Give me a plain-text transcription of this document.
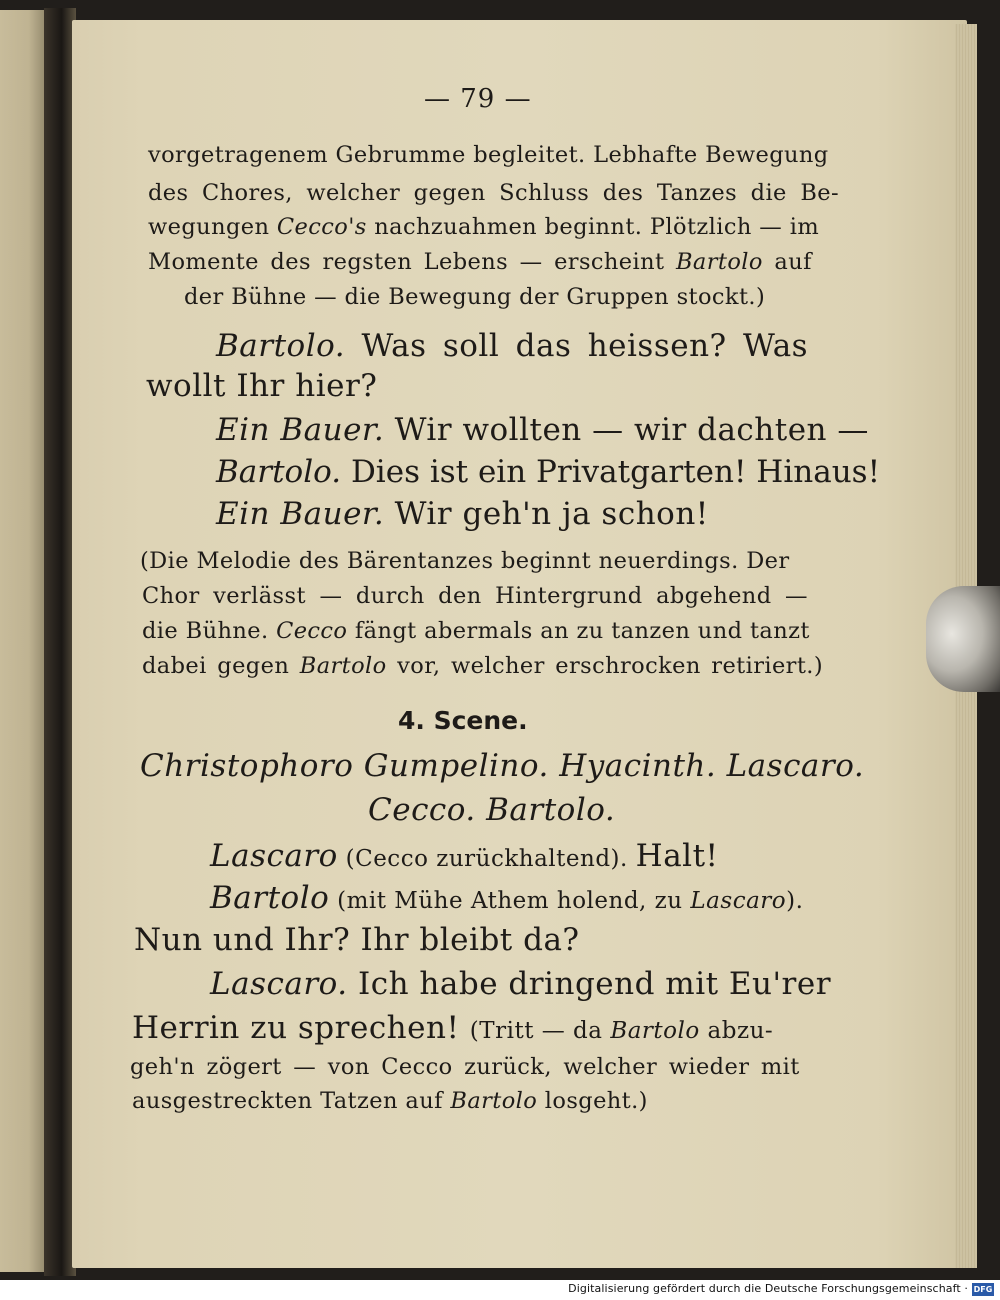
— 79 —
vorgetragenem Gebrumme begleitet. Lebhafte Bewegung
des Chores, welcher gegen Schluss des Tanzes die Be-
wegungen Cecco's nachzuahmen beginnt. Plötzlich — im
Momente des regsten Lebens — erscheint Bartolo auf
der Bühne — die Bewegung der Gruppen stockt.)
Bartolo. Was soll das heissen? Was
wollt Ihr hier?
Ein Bauer. Wir wollten — wir dachten —
Bartolo. Dies ist ein Privatgarten! Hinaus!
Ein Bauer. Wir geh'n ja schon!
(Die Melodie des Bärentanzes beginnt neuerdings. Der
Chor verlässt — durch den Hintergrund abgehend —
die Bühne. Cecco fängt abermals an zu tanzen und tanzt
dabei gegen Bartolo vor, welcher erschrocken retiriert.)
4. Scene.
Christophoro Gumpelino. Hyacinth. Lascaro.
Cecco. Bartolo.
Lascaro (Cecco zurückhaltend). Halt!
Bartolo (mit Mühe Athem holend, zu Lascaro).
Nun und Ihr? Ihr bleibt da?
Lascaro. Ich habe dringend mit Eu'rer
Herrin zu sprechen! (Tritt — da Bartolo abzu-
geh'n zögert — von Cecco zurück, welcher wieder mit
ausgestreckten Tatzen auf Bartolo losgeht.)
Digitalisierung gefördert durch die Deutsche Forschungsgemeinschaft · DFG
